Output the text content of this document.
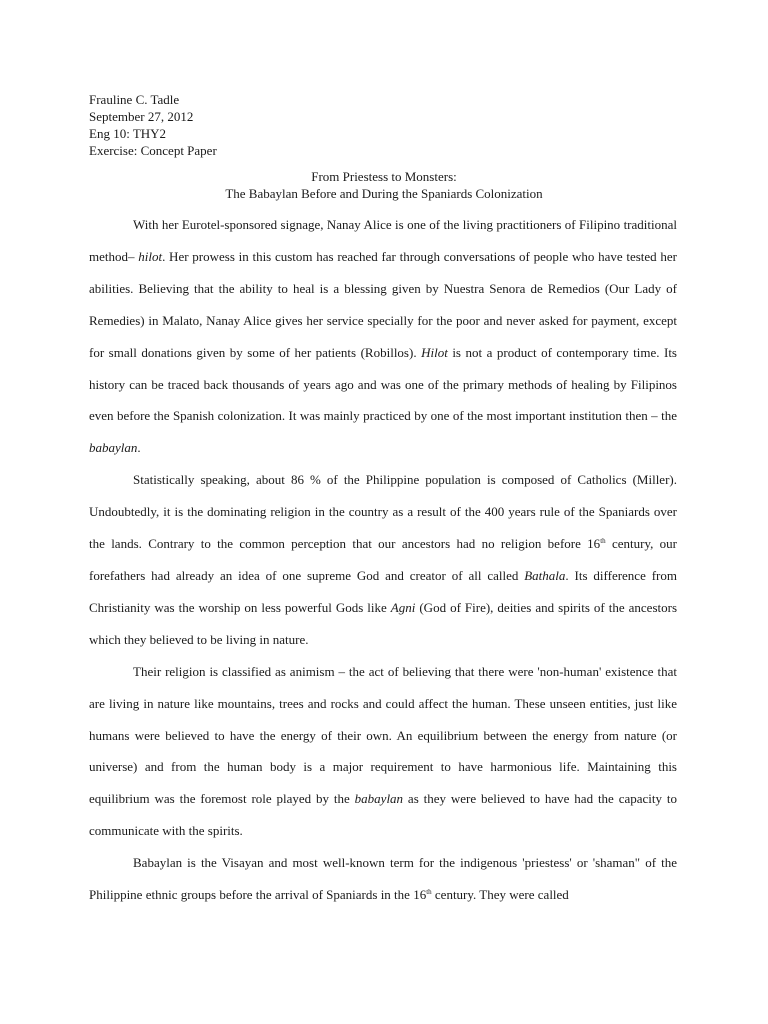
Frauline C. Tadle
September 27, 2012
Eng 10: THY2
Exercise: Concept Paper
From Priestess to Monsters:
The Babaylan Before and During the Spaniards Colonization

With her Eurotel-sponsored signage, Nanay Alice is one of the living practitioners of Filipino traditional method– hilot. Her prowess in this custom has reached far through conversations of people who have tested her abilities. Believing that the ability to heal is a blessing given by Nuestra Senora de Remedios (Our Lady of Remedies) in Malato, Nanay Alice gives her service specially for the poor and never asked for payment, except for small donations given by some of her patients (Robillos). Hilot is not a product of contemporary time. Its history can be traced back thousands of years ago and was one of the primary methods of healing by Filipinos even before the Spanish colonization. It was mainly practiced by one of the most important institution then – the babaylan.

Statistically speaking, about 86 % of the Philippine population is composed of Catholics (Miller). Undoubtedly, it is the dominating religion in the country as a result of the 400 years rule of the Spaniards over the lands. Contrary to the common perception that our ancestors had no religion before 16th century, our forefathers had already an idea of one supreme God and creator of all called Bathala. Its difference from Christianity was the worship on less powerful Gods like Agni (God of Fire), deities and spirits of the ancestors which they believed to be living in nature.

Their religion is classified as animism – the act of believing that there were 'non-human' existence that are living in nature like mountains, trees and rocks and could affect the human. These unseen entities, just like humans were believed to have the energy of their own. An equilibrium between the energy from nature (or universe) and from the human body is a major requirement to have harmonious life. Maintaining this equilibrium was the foremost role played by the babaylan as they were believed to have had the capacity to communicate with the spirits.

Babaylan is the Visayan and most well-known term for the indigenous 'priestess' or 'shaman" of the Philippine ethnic groups before the arrival of Spaniards in the 16th century. They were called
